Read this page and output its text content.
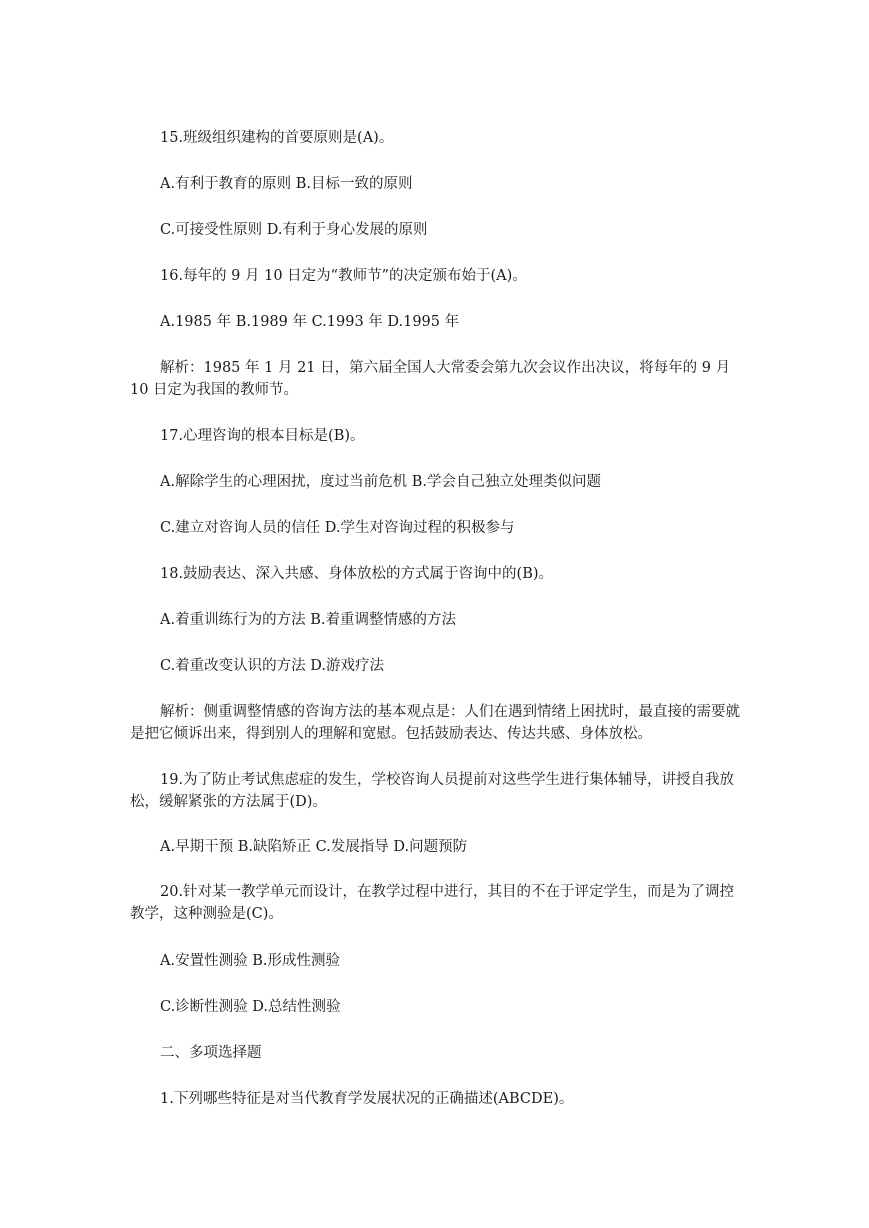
15.班级组织建构的首要原则是(A)。

A.有利于教育的原则 B.目标一致的原则

C.可接受性原则 D.有利于身心发展的原则

16.每年的 9 月 10 日定为“教师节”的决定颁布始于(A)。

A.1985 年 B.1989 年 C.1993 年 D.1995 年

解析：1985 年 1 月 21 日，第六届全国人大常委会第九次会议作出决议，将每年的 9 月 10 日定为我国的教师节。

17.心理咨询的根本目标是(B)。

A.解除学生的心理困扰，度过当前危机 B.学会自己独立处理类似问题

C.建立对咨询人员的信任 D.学生对咨询过程的积极参与

18.鼓励表达、深入共感、身体放松的方式属于咨询中的(B)。

A.着重训练行为的方法 B.着重调整情感的方法

C.着重改变认识的方法 D.游戏疗法

解析：侧重调整情感的咨询方法的基本观点是：人们在遇到情绪上困扰时，最直接的需要就是把它倾诉出来，得到别人的理解和宽慰。包括鼓励表达、传达共感、身体放松。

19.为了防止考试焦虑症的发生，学校咨询人员提前对这些学生进行集体辅导，讲授自我放松，缓解紧张的方法属于(D)。

A.早期干预 B.缺陷矫正 C.发展指导 D.问题预防

20.针对某一教学单元而设计，在教学过程中进行，其目的不在于评定学生，而是为了调控教学，这种测验是(C)。

A.安置性测验 B.形成性测验

C.诊断性测验 D.总结性测验

二、多项选择题

1.下列哪些特征是对当代教育学发展状况的正确描述(ABCDE)。
